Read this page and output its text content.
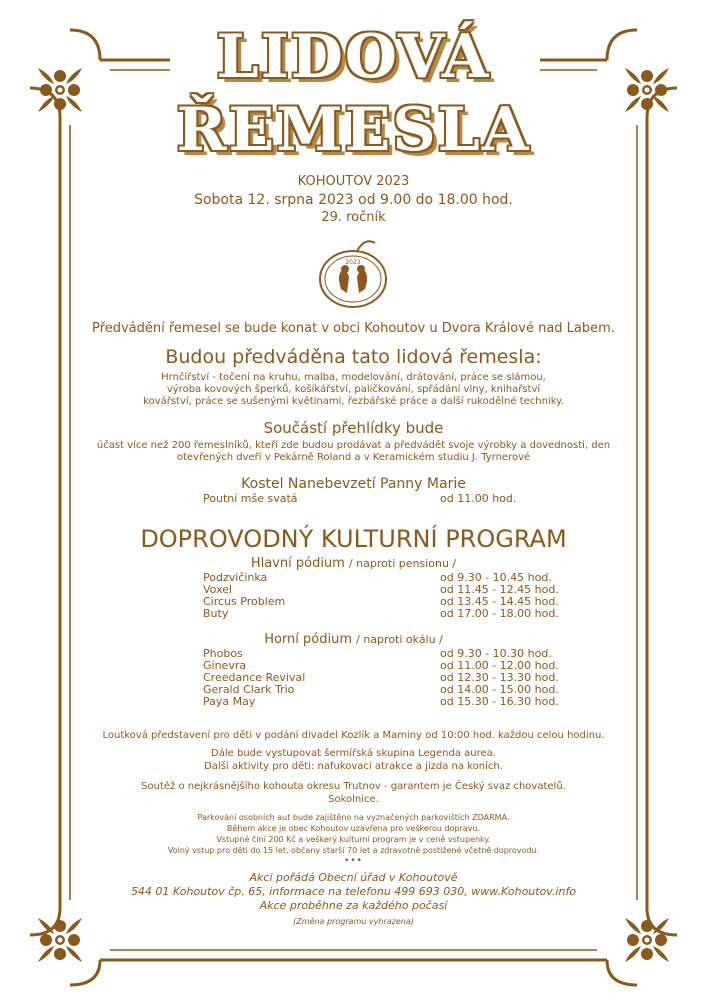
LIDOVÁ
ŘEMESLA
KOHOUTOV 2023
Sobota 12. srpna 2023 od 9.00 do 18.00 hod.
29. ročník
2023
Předvádění řemesel se bude konat v obci Kohoutov u Dvora Králové nad Labem.
Budou předváděna tato lidová řemesla:
Hrnčířství - točení na kruhu, malba, modelování, drátování, práce se slámou,
výroba kovových šperků, košíkářství, paličkování, spřádání vlny, knihařství
kovářství, práce se sušenými květinami, řezbářské práce a další rukodělné techniky.
Součástí přehlídky bude
účast více než 200 řemeslníků, kteří zde budou prodávat a předvádět svoje výrobky a dovednosti, den
otevřených dveří v Pekárně Roland a v Keramickém studiu J. Tyrnerové
Kostel Nanebevzetí Panny Marie
Poutní mše svatá	od 11.00 hod.
DOPROVODNÝ KULTURNÍ PROGRAM
Hlavní pódium / naproti pensionu /
Podzvičinka	od 9.30 - 10.45 hod.
Voxel	od 11.45 - 12.45 hod.
Circus Problem	od 13.45 - 14.45 hod.
Buty	od 17.00 - 18.00 hod.
Horní pódium / naproti okálu /
Phobos	od 9.30 - 10.30 hod.
Ginevra	od 11.00 - 12.00 hod.
Creedance Revival	od 12.30 - 13.30 hod.
Gerald Clark Trio	od 14.00 - 15.00 hod.
Paya May	od 15.30 - 16.30 hod.
Loutková představení pro děti v podání divadel Kozlík a Maminy od 10:00 hod. každou celou hodinu.
Dále bude vystupovat šermířská skupina Legenda aurea.
Další aktivity pro děti: nafukovací atrakce a jízda na koních.
Soutěž o nejkrásnějšího kohouta okresu Trutnov - garantem je Český svaz chovatelů.
Sokolnice.
Parkování osobních aut bude zajištěno na vyznačených parkovištích ZDARMA.
Během akce je obec Kohoutov uzavřena pro veškerou dopravu.
Vstupné činí 200 Kč a veškerý kulturní program je v ceně vstupenky.
Volný vstup pro děti do 15 let, občany starší 70 let a zdravotně postižené včetně doprovodu.
•••
Akci pořádá Obecní úřad v Kohoutově
544 01 Kohoutov čp. 65, informace na telefonu 499 693 030, www.Kohoutov.info
Akce proběhne za každého počasí
(Změna programu vyhrazena)
